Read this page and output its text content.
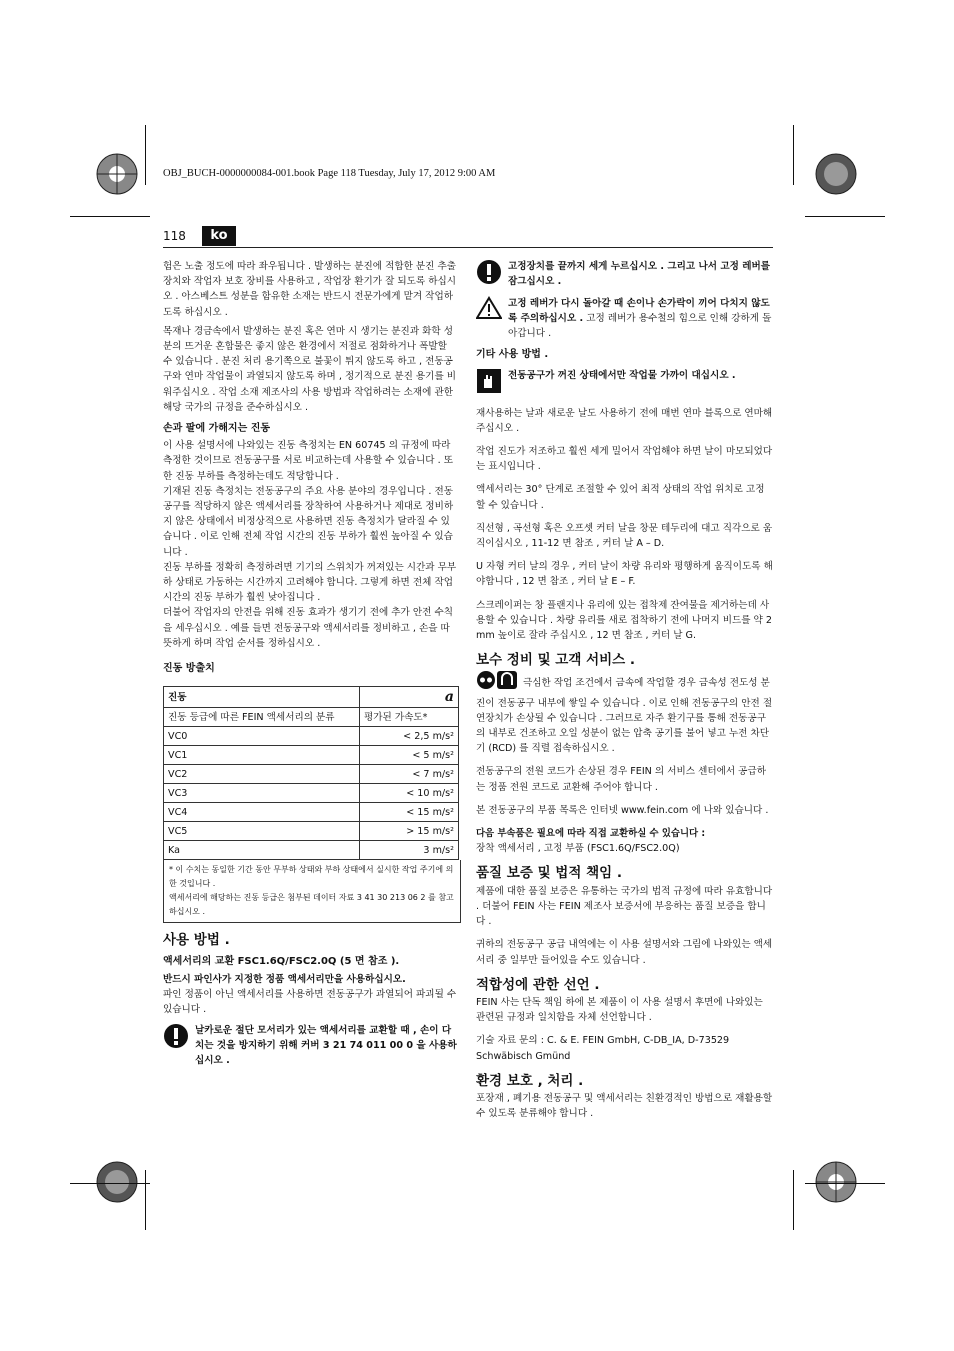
OBJ_BUCH-0000000084-001.book Page 118 Tuesday, July 17, 2012 9:00 AM
118	ko

험은 노출 정도에 따라 좌우됩니다 . 발생하는 분진에 적합한 분진 추출장치와 작업자 보호 장비를 사용하고 , 작업장 환기가 잘 되도록 하십시오 . 아스베스트 성분을 함유한 소재는 반드시 전문가에게 맡겨 작업하도록 하십시오 .

목재나 경금속에서 발생하는 분진 혹은 연마 시 생기는 분진과 화학 성분의 뜨거운 혼합물은 좋지 않은 환경에서 저절로 점화하거나 폭발할 수 있습니다 . 분진 처리 용기쪽으로 불꽃이 튀지 않도록 하고 , 전동공구와 연마 작업물이 과열되지 않도록 하며 , 정기적으로 분진 용기를 비워주십시오 . 작업 소재 제조사의 사용 방법과 작업하려는 소재에 관한 해당 국가의 규정을 준수하십시오 .

손과 팔에 가해지는 진동

이 사용 설명서에 나와있는 진동 측정치는 EN 60745 의 규정에 따라 측정한 것이므로 전동공구를 서로 비교하는데 사용할 수 있습니다 . 또한 진동 부하를 측정하는데도 적당합니다 .

기재된 진동 측정치는 전동공구의 주요 사용 분야의 경우입니다 . 전동공구를 적당하지 않은 액세서리를 장착하여 사용하거나 제대로 정비하지 않은 상태에서 비정상적으로 사용하면 진동 측정치가 달라질 수 있습니다 . 이로 인해 전체 작업 시간의 진동 부하가 훨씬 높아질 수 있습니다 .

진동 부하를 정확히 측정하려면 기기의 스위치가 꺼져있는 시간과 무부하 상태로 가동하는 시간까지 고려해야 합니다. 그렇게 하면 전체 작업 시간의 진동 부하가 훨씬 낮아집니다 .

더불어 작업자의 안전을 위해 진동 효과가 생기기 전에 추가 안전 수칙을 세우십시오 . 예를 들면 전동공구와 액세서리를 정비하고 , 손을 따뜻하게 하며 작업 순서를 정하십시오 .

진동 방출치
진동	a
진동 등급에 따른 FEIN 액세서리의 분류	평가된 가속도*
VC0	< 2,5 m/s²
VC1	< 5 m/s²
VC2	< 7 m/s²
VC3	< 10 m/s²
VC4	< 15 m/s²
VC5	> 15 m/s²
Ka	3 m/s²
* 이 수치는 동일한 기간 동안 무부하 상태와 부하 상태에서 실시한 작업 주기에 의한 것입니다 .
액세서리에 해당하는 진동 등급은 첨부된 데이터 자료 3 41 30 213 06 2 를 참고하십시오 .
사용 방법 .
액세서리의 교환 FSC1.6Q/FSC2.0Q (5 면 참조 ).

반드시 파인사가 지정한 정품 액세서리만을 사용하십시오.

파인 정품이 아닌 액세서리를 사용하면 전동공구가 과열되어 파괴될 수 있습니다 .

날카로운 절단 모서리가 있는 액세서리를 교환할 때 , 손이 다치는 것을 방지하기 위해 커버 3 21 74 011 00 0 을 사용하십시오 .
고정장치를 끝까지 세게 누르십시오 . 그리고 나서 고정 레버를 잠그십시오 .
고정 레버가 다시 돌아갈 때 손이나 손가락이 끼어 다치지 않도록 주의하십시오 . 고정 레버가 용수철의 힘으로 인해 강하게 돌아갑니다 .
기타 사용 방법 .
전동공구가 꺼진 상태에서만 작업물 가까이 대십시오 .

재사용하는 날과 새로운 날도 사용하기 전에 매번 연마 블록으로 연마해 주십시오 .

작업 진도가 저조하고 훨씬 세게 밀어서 작업해야 하면 날이 마모되었다는 표시입니다 .

액세서리는 30° 단계로 조절할 수 있어 최적 상태의 작업 위치로 고정할 수 있습니다 .

직선형 , 곡선형 혹은 오프셋 커터 날을 창문 테두리에 대고 직각으로 움직이십시오 , 11-12 면 참조 , 커터 날 A – D.

U 자형 커터 날의 경우 , 커터 날이 차량 유리와 평행하게 움직이도록 해야합니다 , 12 면 참조 , 커터 날 E – F.

스크레이퍼는 창 플랜지나 유리에 있는 접착제 잔여물을 제거하는데 사용할 수 있습니다 . 차량 유리를 새로 접착하기 전에 나머지 비드를 약 2 mm 높이로 잘라 주십시오 , 12 면 참조 , 커터 날 G.

보수 정비 및 고객 서비스 .

극심한 작업 조건에서 금속에 작업할 경우 금속성 전도성 분진이 전동공구 내부에 쌓일 수 있습니다 . 이로 인해 전동공구의 안전 절연장치가 손상될 수 있습니다 . 그러므로 자주 환기구를 통해 전동공구의 내부로 건조하고 오일 성분이 없는 압축 공기를 불어 넣고 누전 차단기 (RCD) 를 직렬 접속하십시오 .

전동공구의 전원 코드가 손상된 경우 FEIN 의 서비스 센터에서 공급하는 정품 전원 코드로 교환해 주어야 합니다 .

본 전동공구의 부품 목록은 인터넷 www.fein.com 에 나와 있습니다 .

다음 부속품은 필요에 따라 직접 교환하실 수 있습니다 :

장착 액세서리 , 고정 부품 (FSC1.6Q/FSC2.0Q)

품질 보증 및 법적 책임 .

제품에 대한 품질 보증은 유통하는 국가의 법적 규정에 따라 유효합니다 . 더불어 FEIN 사는 FEIN 제조사 보증서에 부응하는 품질 보증을 합니다 .

귀하의 전동공구 공급 내역에는 이 사용 설명서와 그림에 나와있는 액세서리 중 일부만 들어있을 수도 있습니다 .

적합성에 관한 선언 .

FEIN 사는 단독 책임 하에 본 제품이 이 사용 설명서 후면에 나와있는 관련된 규정과 일치함을 자체 선언합니다 .

기술 자료 문의 : C. & E. FEIN GmbH, C-DB_IA, D-73529 Schwäbisch Gmünd

환경 보호 , 처리 .

포장재 , 폐기용 전동공구 및 액세서리는 친환경적인 방법으로 재활용할 수 있도록 분류해야 합니다 .
